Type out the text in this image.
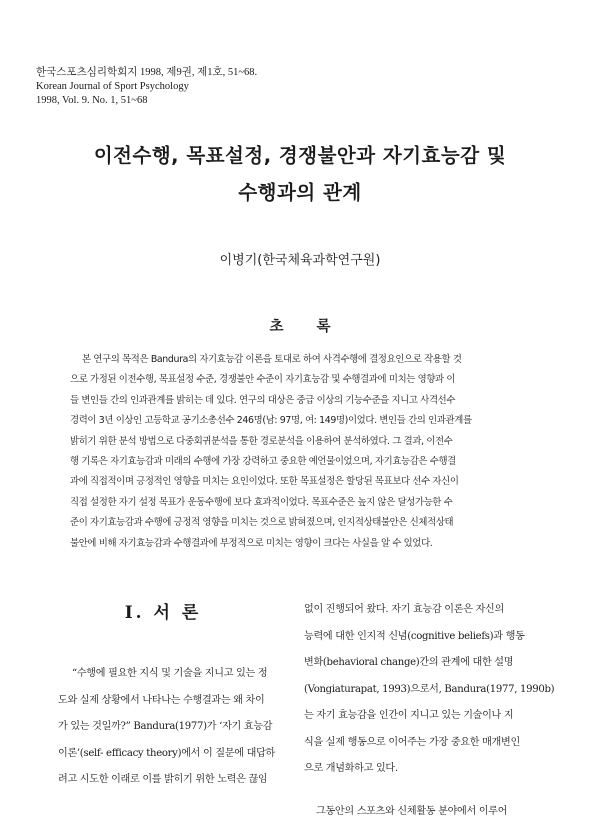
한국스포츠심리학회지 1998, 제9권, 제1호, 51~68.
Korean Journal of Sport Psychology
1998, Vol. 9. No. 1, 51~68
이전수행, 목표설정, 경쟁불안과 자기효능감 및
수행과의 관계
이병기(한국체육과학연구원)
초 록
본 연구의 목적은 Bandura의 자기효능감 이론을 토대로 하여 사격수행에 결정요인으로 작용할 것
으로 가정된 이전수행, 목표설정 수준, 경쟁불안 수준이 자기효능감 및 수행결과에 미치는 영향과 이
들 변인들 간의 인과관계를 밝히는 데 있다. 연구의 대상은 중급 이상의 기능수준을 지니고 사격선수
경력이 3년 이상인 고등학교 공기소총선수 246명(남: 97명, 여: 149명)이었다. 변인들 간의 인과관계를
밝히기 위한 분석 방법으로 다중회귀분석을 통한 경로분석을 이용하여 분석하였다. 그 결과, 이전수
행 기록은 자기효능감과 미래의 수행에 가장 강력하고 중요한 예언물이었으며, 자기효능감은 수행결
과에 직접적이며 긍정적인 영향을 미치는 요인이었다. 또한 목표설정은 할당된 목표보다 선수 자신이
직접 설정한 자기 설정 목표가 운동수행에 보다 효과적이었다. 목표수준은 높지 않은 달성가능한 수
준이 자기효능감과 수행에 긍정적 영향을 미치는 것으로 밝혀졌으며, 인지적상태불안은 신체적상태
불안에 비해 자기효능감과 수행결과에 부정적으로 미치는 영향이 크다는 사실을 알 수 있었다.
Ⅰ. 서 론
“수행에 필요한 지식 및 기술을 지니고 있는 정
도와 실제 상황에서 나타나는 수행결과는 왜 차이
가 있는 것일까?” Bandura(1977)가 ‘자기 효능감
이론’(self- efficacy theory)에서 이 질문에 대답하
려고 시도한 이래로 이를 밝히기 위한 노력은 끊임
없이 진행되어 왔다. 자기 효능감 이론은 자신의
능력에 대한 인지적 신념(cognitive beliefs)과 행동
변화(behavioral change)간의 관계에 대한 설명
(Vongiaturapat, 1993)으로서, Bandura(1977, 1990b)
는 자기 효능감을 인간이 지니고 있는 기술이나 지
식을 실제 행동으로 이어주는 가장 중요한 매개변인
으로 개념화하고 있다.
그동안의 스포츠와 신체활동 분야에서 이루어
